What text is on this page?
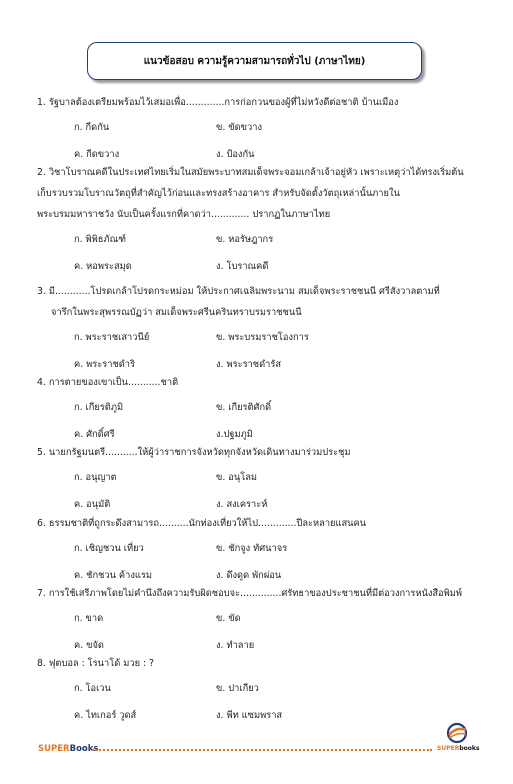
แนวข้อสอบ ความรู้ความสามารถทั่วไป (ภาษาไทย)
1. รัฐบาลต้องเตรียมพร้อมไว้เสมอเพื่อ.............การก่อกวนของผู้ที่ไม่หวังดีต่อชาติ บ้านเมือง
ก. กีดกัน	ข. ขัดขวาง
ค. กีดขวาง	ง. ป้องกัน
2. วิชาโบราณคดีในประเทศไทยเริ่มในสมัยพระบาทสมเด็จพระจอมเกล้าเจ้าอยู่หัว เพราะเหตุว่าได้ทรงเริ่มต้น
เก็บรวบรวมโบราณวัตถุที่สำคัญไว้ก่อนและทรงสร้างอาคาร สำหรับจัดตั้งวัตถุเหล่านั้นภายใน
พระบรมมหาราชวัง นับเป็นครั้งแรกที่คาดว่า............. ปรากฏในภาษาไทย
ก. พิพิธภัณฑ์	ข. หอรัษฎากร
ค. หอพระสมุด	ง. โบราณคดี
3. มี............โปรดเกล้าโปรดกระหม่อม ให้ประกาศเฉลิมพระนาม สมเด็จพระราชชนนี ศรีสังวาลตามที่
จารึกในพระสุพรรณบัฏว่า สมเด็จพระศรีนครินทราบรมราชชนนี
ก. พระราชเสาวนีย์	ข. พระบรมราชโองการ
ค. พระราชดำริ	ง. พระราชดำรัส
4. การตายของเขาเป็น...........ชาติ
ก. เกียรติภูมิ	ข. เกียรติศักดิ์
ค. ศักดิ์ศรี	ง.ปฐมภูมิ
5. นายกรัฐมนตรี...........ให้ผู้ว่าราชการจังหวัดทุกจังหวัดเดินทางมาร่วมประชุม
ก. อนุญาต	ข. อนุโลม
ค. อนุมัติ	ง. สงเคราะห์
6. ธรรมชาติที่ถูกระดึงสามารถ..........นักท่องเที่ยวให้ไป.............ปีละหลายแสนคน
ก. เชิญชวน เที่ยว	ข. ชักจูง ทัศนาจร
ค. ชักชวน ค้างแรม	ง. ดึงดูด พักผ่อน
7. การใช้เสรีภาพโดยไม่คำนึงถึงความรับผิดชอบจะ..............ศรัทธาของประชาชนที่มีต่อวงการหนังสือพิมพ์
ก. ขาด	ข. ขัด
ค. ขจัด	ง. ทำลาย
8. ฟุตบอล : โรนาโด้ มวย : ?
ก. โอเวน	ข. ปาเกียว
ค. ไทเกอร์ วูดส์	ง. พีท แซมพราส
SUPERBooks	SUPERbooks
